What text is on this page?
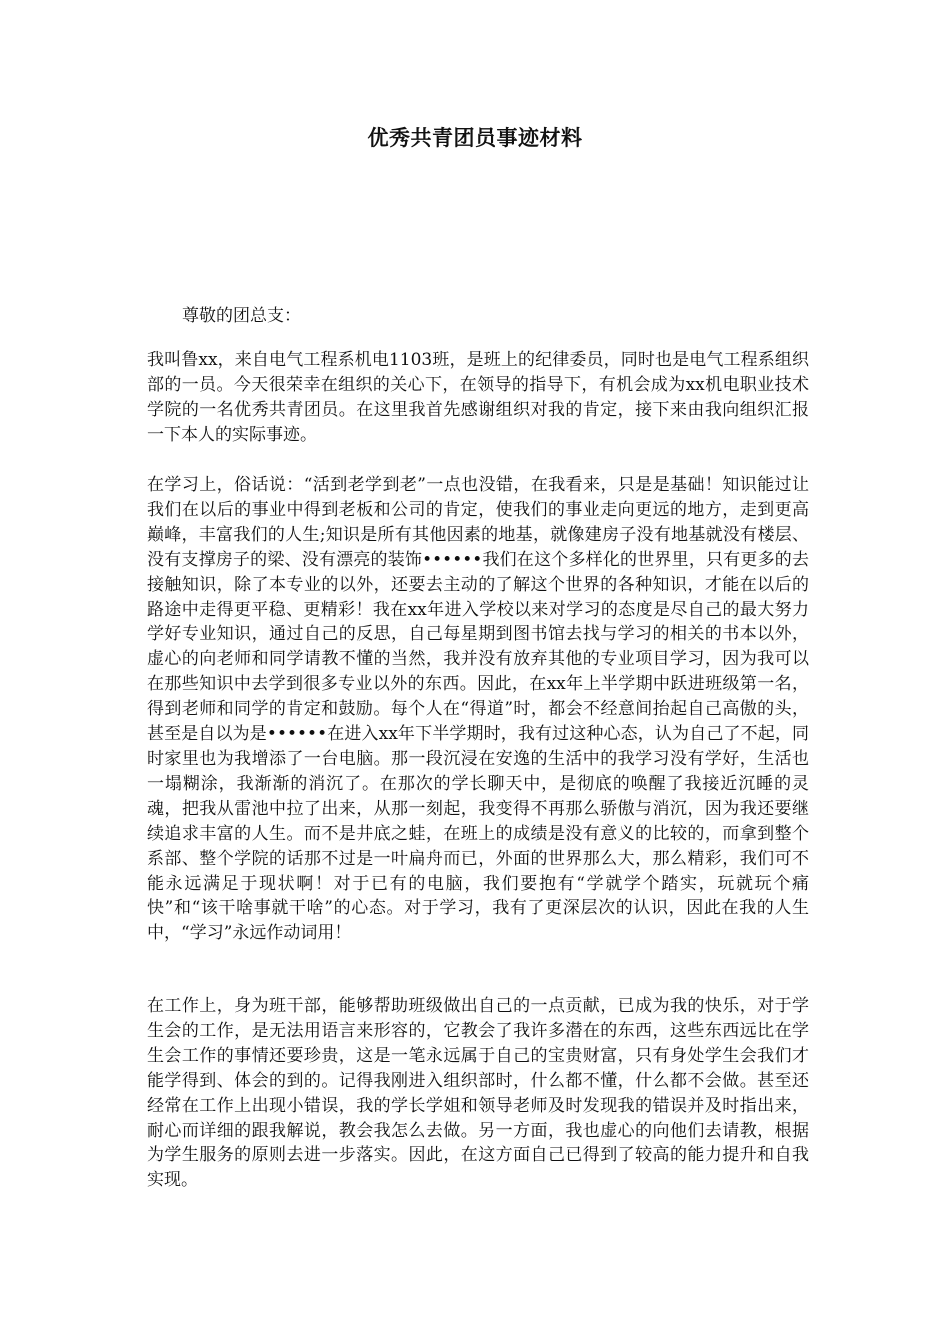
优秀共青团员事迹材料
尊敬的团总支：

我叫鲁xx，来自电气工程系机电1103班，是班上的纪律委员，同时也是电气工程系组织部的一员。今天很荣幸在组织的关心下，在领导的指导下，有机会成为xx机电职业技术学院的一名优秀共青团员。在这里我首先感谢组织对我的肯定，接下来由我向组织汇报一下本人的实际事迹。

在学习上，俗话说：“活到老学到老”一点也没错，在我看来，只是是基础！知识能过让我们在以后的事业中得到老板和公司的肯定，使我们的事业走向更远的地方，走到更高巅峰，丰富我们的人生;知识是所有其他因素的地基，就像建房子没有地基就没有楼层、没有支撑房子的梁、没有漂亮的装饰••••••我们在这个多样化的世界里，只有更多的去接触知识，除了本专业的以外，还要去主动的了解这个世界的各种知识，才能在以后的路途中走得更平稳、更精彩！我在xx年进入学校以来对学习的态度是尽自己的最大努力学好专业知识，通过自己的反思，自己每星期到图书馆去找与学习的相关的书本以外，虚心的向老师和同学请教不懂的当然，我并没有放弃其他的专业项目学习，因为我可以在那些知识中去学到很多专业以外的东西。因此，在xx年上半学期中跃进班级第一名，得到老师和同学的肯定和鼓励。每个人在“得道”时，都会不经意间抬起自己高傲的头，甚至是自以为是••••••在进入xx年下半学期时，我有过这种心态，认为自己了不起，同时家里也为我增添了一台电脑。那一段沉浸在安逸的生活中的我学习没有学好，生活也一塌糊涂，我渐渐的消沉了。在那次的学长聊天中，是彻底的唤醒了我接近沉睡的灵魂，把我从雷池中拉了出来，从那一刻起，我变得不再那么骄傲与消沉，因为我还要继续追求丰富的人生。而不是井底之蛙，在班上的成绩是没有意义的比较的，而拿到整个系部、整个学院的话那不过是一叶扁舟而已，外面的世界那么大，那么精彩，我们可不能永远满足于现状啊！对于已有的电脑，我们要抱有“学就学个踏实，玩就玩个痛快”和“该干啥事就干啥”的心态。对于学习，我有了更深层次的认识，因此在我的人生中，“学习”永远作动词用！

在工作上，身为班干部，能够帮助班级做出自己的一点贡献，已成为我的快乐，对于学生会的工作，是无法用语言来形容的，它教会了我许多潜在的东西，这些东西远比在学生会工作的事情还要珍贵，这是一笔永远属于自己的宝贵财富，只有身处学生会我们才能学得到、体会的到的。记得我刚进入组织部时，什么都不懂，什么都不会做。甚至还经常在工作上出现小错误，我的学长学姐和领导老师及时发现我的错误并及时指出来，耐心而详细的跟我解说，教会我怎么去做。另一方面，我也虚心的向他们去请教，根据为学生服务的原则去进一步落实。因此，在这方面自己已得到了较高的能力提升和自我实现。
